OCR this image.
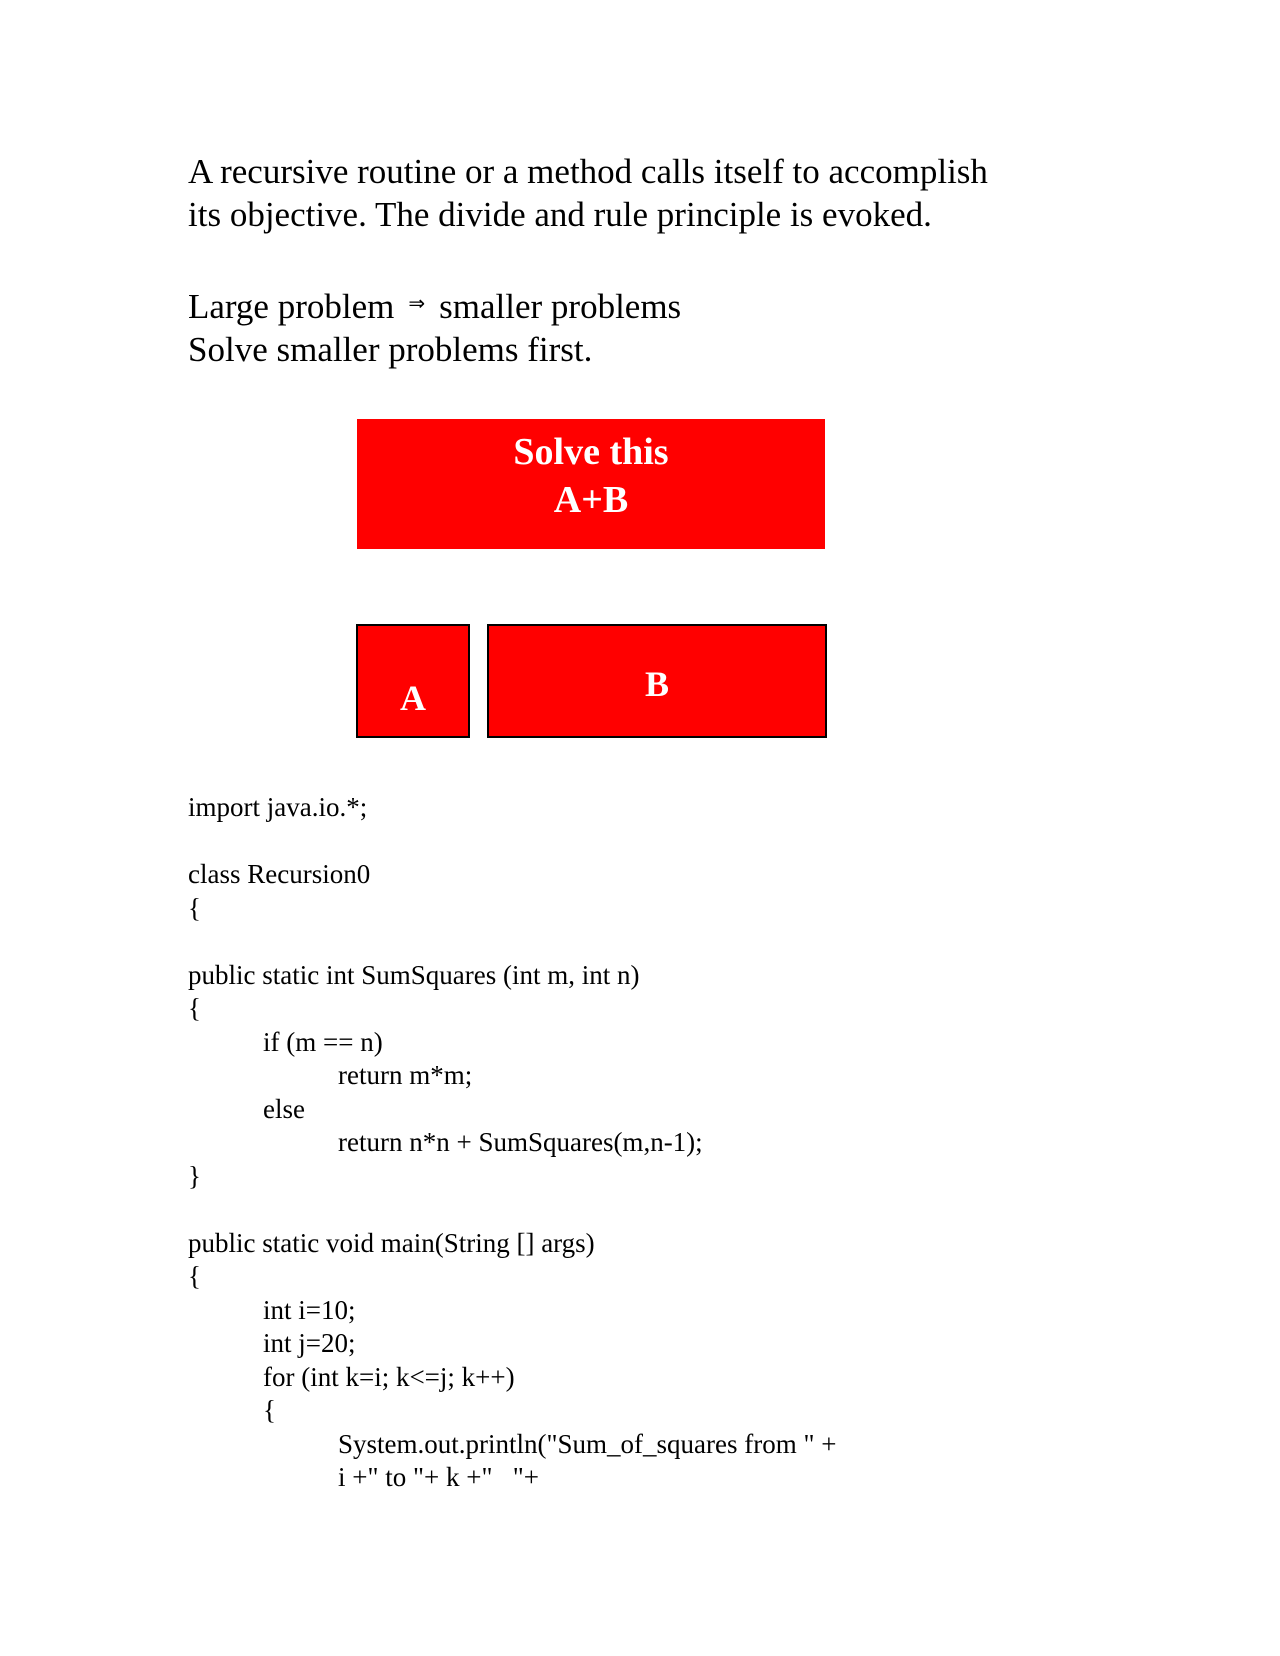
A recursive routine or a method calls itself to accomplish
its objective. The divide and rule principle is evoked.
Large problem ⇒ smaller problems
Solve smaller problems first.
Solve this
A+B
A	B
import java.io.*;
class Recursion0
{
public static int SumSquares (int m, int n)
{
if (m == n)
return m*m;
else
return n*n + SumSquares(m,n-1);
}
public static void main(String [] args)
{
int i=10;
int j=20;
for (int k=i; k<=j; k++)
{
System.out.println("Sum_of_squares from " +
i +" to "+ k +"   "+
